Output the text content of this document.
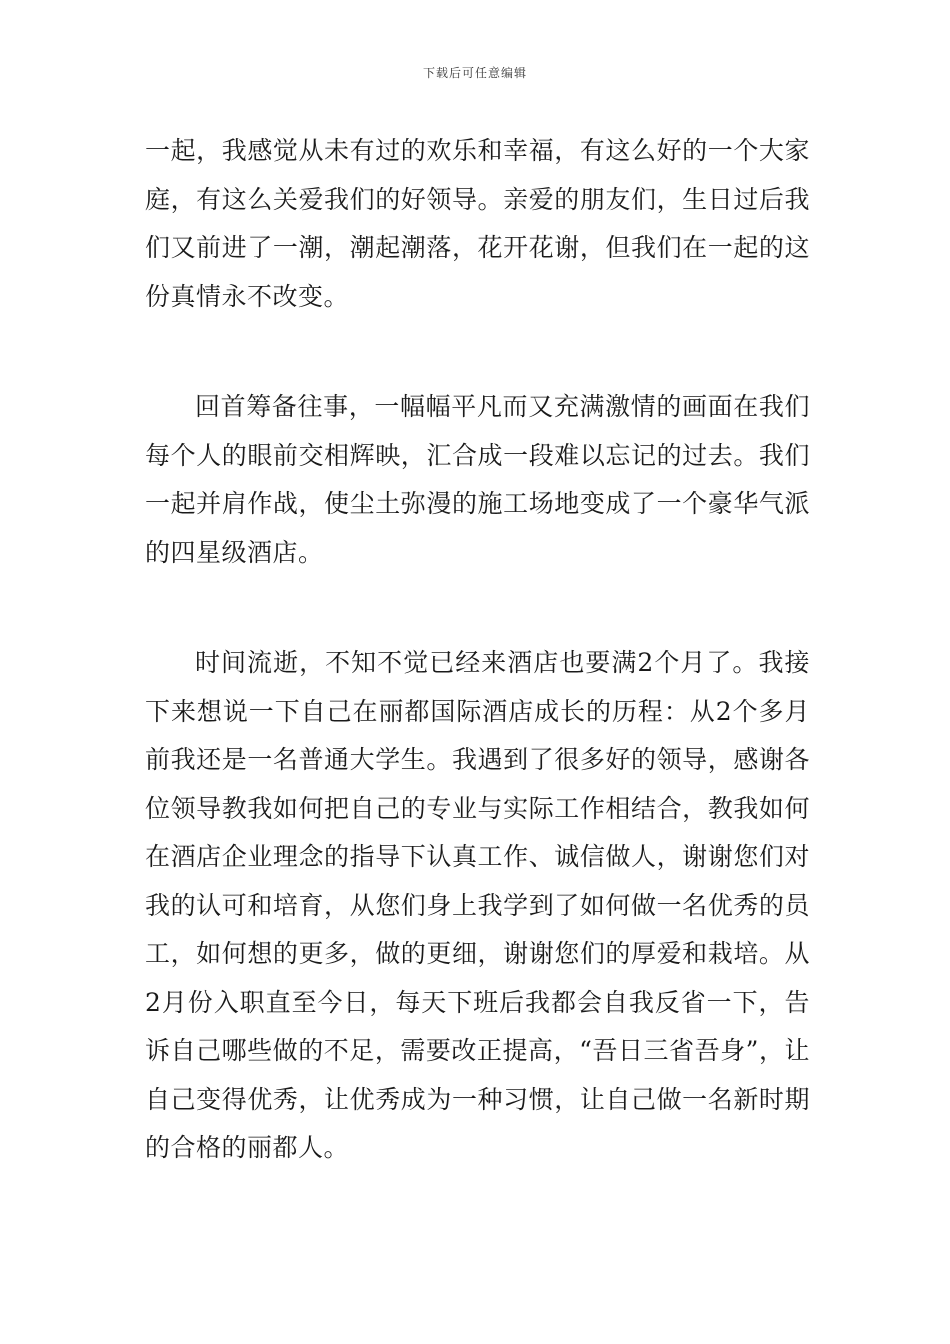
下载后可任意编辑

一起，我感觉从未有过的欢乐和幸福，有这么好的一个大家庭，有这么关爱我们的好领导。亲爱的朋友们，生日过后我们又前进了一潮，潮起潮落，花开花谢，但我们在一起的这份真情永不改变。

回首筹备往事，一幅幅平凡而又充满激情的画面在我们每个人的眼前交相辉映，汇合成一段难以忘记的过去。我们一起并肩作战，使尘土弥漫的施工场地变成了一个豪华气派的四星级酒店。

时间流逝，不知不觉已经来酒店也要满2个月了。我接下来想说一下自己在丽都国际酒店成长的历程：从2个多月前我还是一名普通大学生。我遇到了很多好的领导，感谢各位领导教我如何把自己的专业与实际工作相结合，教我如何在酒店企业理念的指导下认真工作、诚信做人，谢谢您们对我的认可和培育，从您们身上我学到了如何做一名优秀的员工，如何想的更多，做的更细，谢谢您们的厚爱和栽培。从2月份入职直至今日，每天下班后我都会自我反省一下，告诉自己哪些做的不足，需要改正提高，“吾日三省吾身”，让自己变得优秀，让优秀成为一种习惯，让自己做一名新时期的合格的丽都人。
